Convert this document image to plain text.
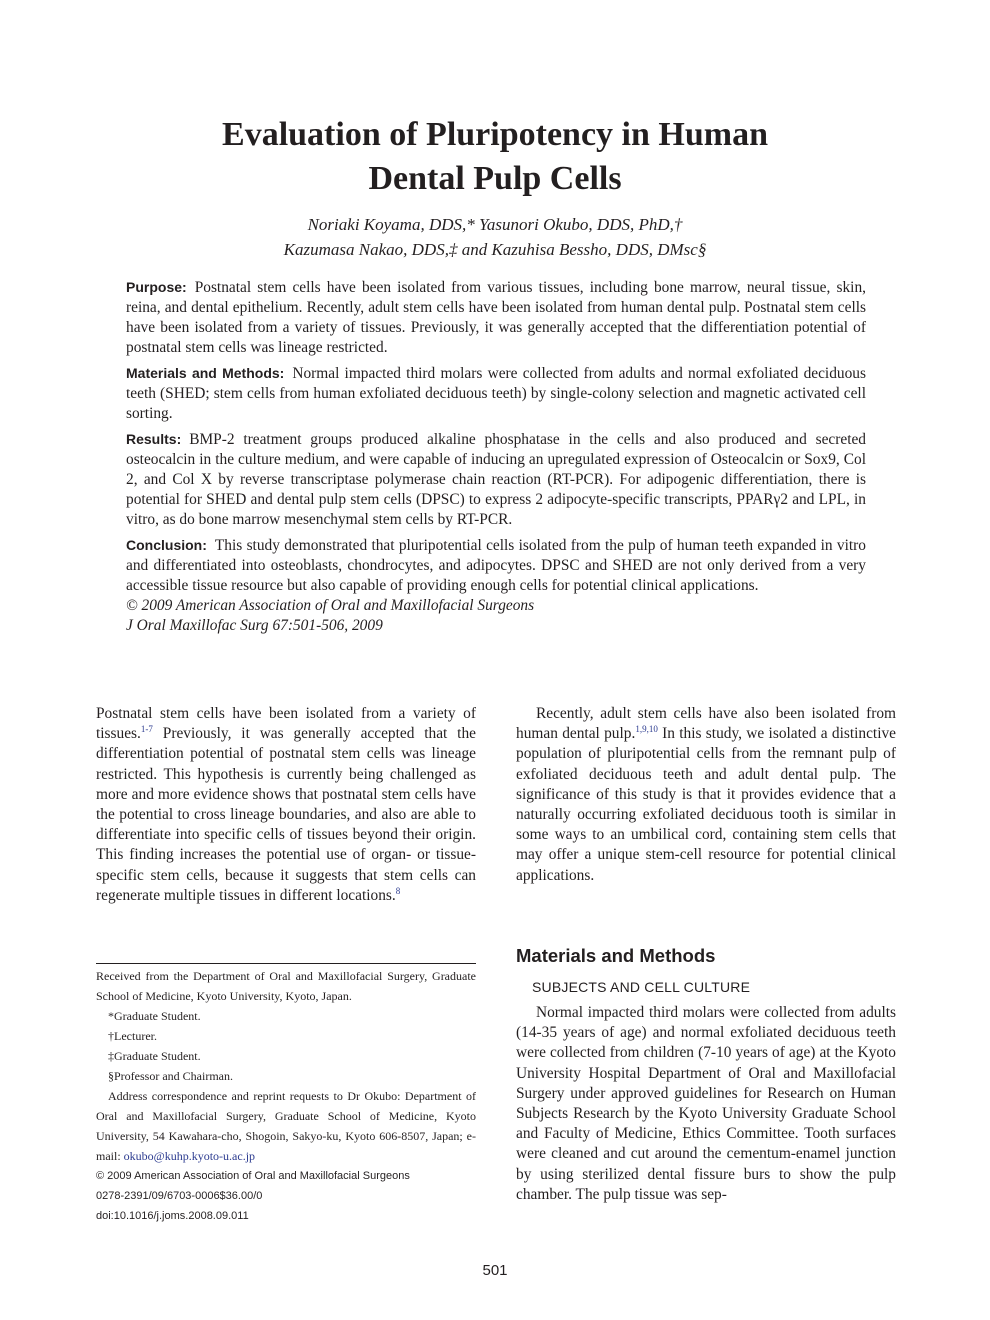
Evaluation of Pluripotency in Human
Dental Pulp Cells
Noriaki Koyama, DDS,* Yasunori Okubo, DDS, PhD,†
Kazumasa Nakao, DDS,‡ and Kazuhisa Bessho, DDS, DMsc§

Purpose: Postnatal stem cells have been isolated from various tissues, including bone marrow, neural tissue, skin, reina, and dental epithelium. Recently, adult stem cells have been isolated from human dental pulp. Postnatal stem cells have been isolated from a variety of tissues. Previously, it was generally accepted that the differentiation potential of postnatal stem cells was lineage restricted.

Materials and Methods: Normal impacted third molars were collected from adults and normal exfoliated deciduous teeth (SHED; stem cells from human exfoliated deciduous teeth) by single-colony selection and magnetic activated cell sorting.

Results: BMP-2 treatment groups produced alkaline phosphatase in the cells and also produced and secreted osteocalcin in the culture medium, and were capable of inducing an upregulated expression of Osteocalcin or Sox9, Col 2, and Col X by reverse transcriptase polymerase chain reaction (RT-PCR). For adipogenic differentiation, there is potential for SHED and dental pulp stem cells (DPSC) to express 2 adipocyte-specific transcripts, PPARγ2 and LPL, in vitro, as do bone marrow mesenchymal stem cells by RT-PCR.

Conclusion: This study demonstrated that pluripotential cells isolated from the pulp of human teeth expanded in vitro and differentiated into osteoblasts, chondrocytes, and adipocytes. DPSC and SHED are not only derived from a very accessible tissue resource but also capable of providing enough cells for potential clinical applications.

© 2009 American Association of Oral and Maxillofacial Surgeons

J Oral Maxillofac Surg 67:501-506, 2009

Postnatal stem cells have been isolated from a variety of tissues.$^{1-7}$ Previously, it was generally accepted that the differentiation potential of postnatal stem cells was lineage restricted. This hypothesis is currently being challenged as more and more evidence shows that postnatal stem cells have the potential to cross lineage boundaries, and also are able to differentiate into specific cells of tissues beyond their origin. This finding increases the potential use of organ- or tissue-specific stem cells, because it suggests that stem cells can regenerate multiple tissues in different locations.$^8$

Recently, adult stem cells have also been isolated from human dental pulp.$^{1,9,10}$ In this study, we isolated a distinctive population of pluripotential cells from the remnant pulp of exfoliated deciduous teeth and adult dental pulp. The significance of this study is that it provides evidence that a naturally occurring exfoliated deciduous tooth is similar in some ways to an umbilical cord, containing stem cells that may offer a unique stem-cell resource for potential clinical applications.

Materials and Methods
SUBJECTS AND CELL CULTURE

Normal impacted third molars were collected from adults (14-35 years of age) and normal exfoliated deciduous teeth were collected from children (7-10 years of age) at the Kyoto University Hospital Department of Oral and Maxillofacial Surgery under approved guidelines for Research on Human Subjects Research by the Kyoto University Graduate School and Faculty of Medicine, Ethics Committee. Tooth surfaces were cleaned and cut around the cementum-enamel junction by using sterilized dental fissure burs to show the pulp chamber. The pulp tissue was sep-

Received from the Department of Oral and Maxillofacial Surgery, Graduate School of Medicine, Kyoto University, Kyoto, Japan.

*Graduate Student.

†Lecturer.

‡Graduate Student.

§Professor and Chairman.

Address correspondence and reprint requests to Dr Okubo: Department of Oral and Maxillofacial Surgery, Graduate School of Medicine, Kyoto University, 54 Kawahara-cho, Shogoin, Sakyo-ku, Kyoto 606-8507, Japan; e-mail: okubo@kuhp.kyoto-u.ac.jp

© 2009 American Association of Oral and Maxillofacial Surgeons

0278-2391/09/6703-0006$36.00/0

doi:10.1016/j.joms.2008.09.011

501
